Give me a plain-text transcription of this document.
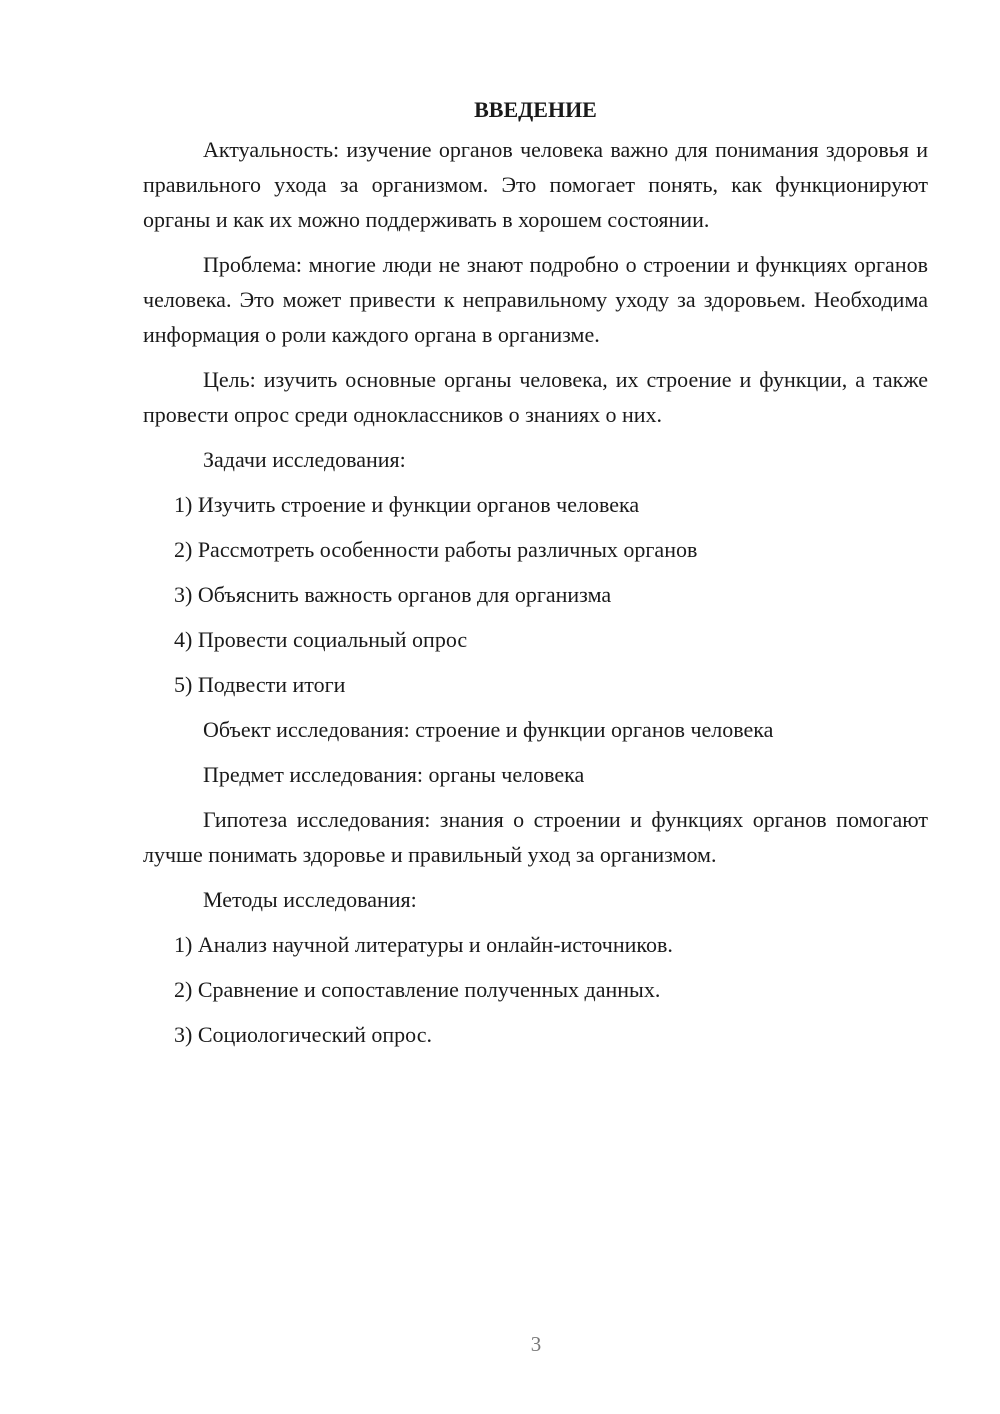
ВВЕДЕНИЕ

Актуальность: изучение органов человека важно для понимания здоровья и правильного ухода за организмом. Это помогает понять, как функционируют органы и как их можно поддерживать в хорошем состоянии.

Проблема: многие люди не знают подробно о строении и функциях органов человека. Это может привести к неправильному уходу за здоровьем. Необходима информация о роли каждого органа в организме.

Цель: изучить основные органы человека, их строение и функции, а также провести опрос среди одноклассников о знаниях о них.

Задачи исследования:

1) Изучить строение и функции органов человека
2) Рассмотреть особенности работы различных органов
3) Объяснить важность органов для организма
4) Провести социальный опрос
5) Подвести итоги

Объект исследования: строение и функции органов человека

Предмет исследования: органы человека

Гипотеза исследования: знания о строении и функциях органов помогают лучше понимать здоровье и правильный уход за организмом.

Методы исследования:

1) Анализ научной литературы и онлайн-источников.
2) Сравнение и сопоставление полученных данных.
3) Социологический опрос.
3
